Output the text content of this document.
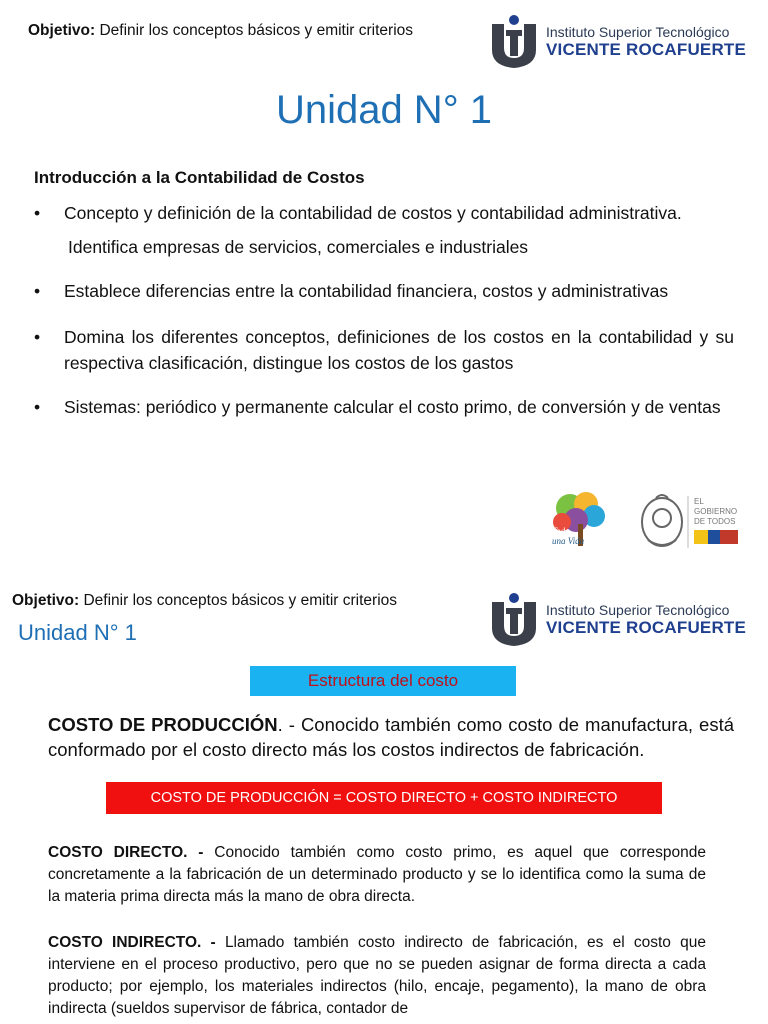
Objetivo: Definir los conceptos básicos y emitir criterios	Instituto Superior Tecnológico
VICENTE ROCAFUERTE
Unidad N° 1
Introducción a la Contabilidad de Costos
• Concepto y definición de la contabilidad de costos y contabilidad administrativa.
Identifica empresas de servicios, comerciales e industriales
• Establece diferencias entre la contabilidad financiera, costos y administrativas
• Domina los diferentes conceptos, definiciones de los costos en la contabilidad y su respectiva clasificación, distingue los costos de los gastos
• Sistemas: periódico y permanente calcular el costo primo, de conversión y de ventas
Toda
una Vida
EL
GOBIERNO
DE TODOS
Objetivo: Definir los conceptos básicos y emitir criterios
Unidad N° 1
Instituto Superior Tecnológico
VICENTE ROCAFUERTE
Estructura del costo
COSTO DE PRODUCCIÓN. - Conocido también como costo de manufactura, está conformado por el costo directo más los costos indirectos de fabricación.
COSTO DE PRODUCCIÓN = COSTO DIRECTO + COSTO INDIRECTO
COSTO DIRECTO. - Conocido también como costo primo, es aquel que corresponde concretamente a la fabricación de un determinado producto y se lo identifica como la suma de la materia prima directa más la mano de obra directa.
COSTO INDIRECTO. - Llamado también costo indirecto de fabricación, es el costo que interviene en el proceso productivo, pero que no se pueden asignar de forma directa a cada producto; por ejemplo, los materiales indirectos (hilo, encaje, pegamento), la mano de obra indirecta (sueldos supervisor de fábrica, contador de
